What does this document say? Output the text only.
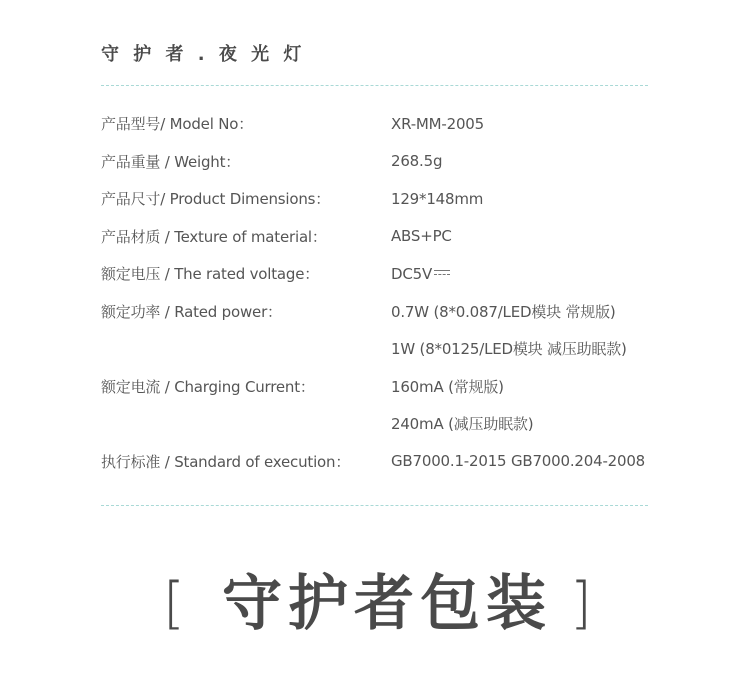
守 护 者 . 夜 光 灯
产品型号/ Model No：	XR-MM-2005
产品重量 / Weight：	268.5g
产品尺寸/ Product Dimensions：	129*148mm
产品材质 / Texture of material：	ABS+PC
额定电压 / The rated voltage：	DC5V
额定功率 / Rated power：	0.7W (8*0.087/LED模块 常规版)
1W (8*0125/LED模块 减压助眠款)
额定电流 / Charging Current：	160mA (常规版)
240mA (减压助眠款)
执行标准 / Standard of execution：	GB7000.1-2015 GB7000.204-2008
[ 守护者包装 ]
